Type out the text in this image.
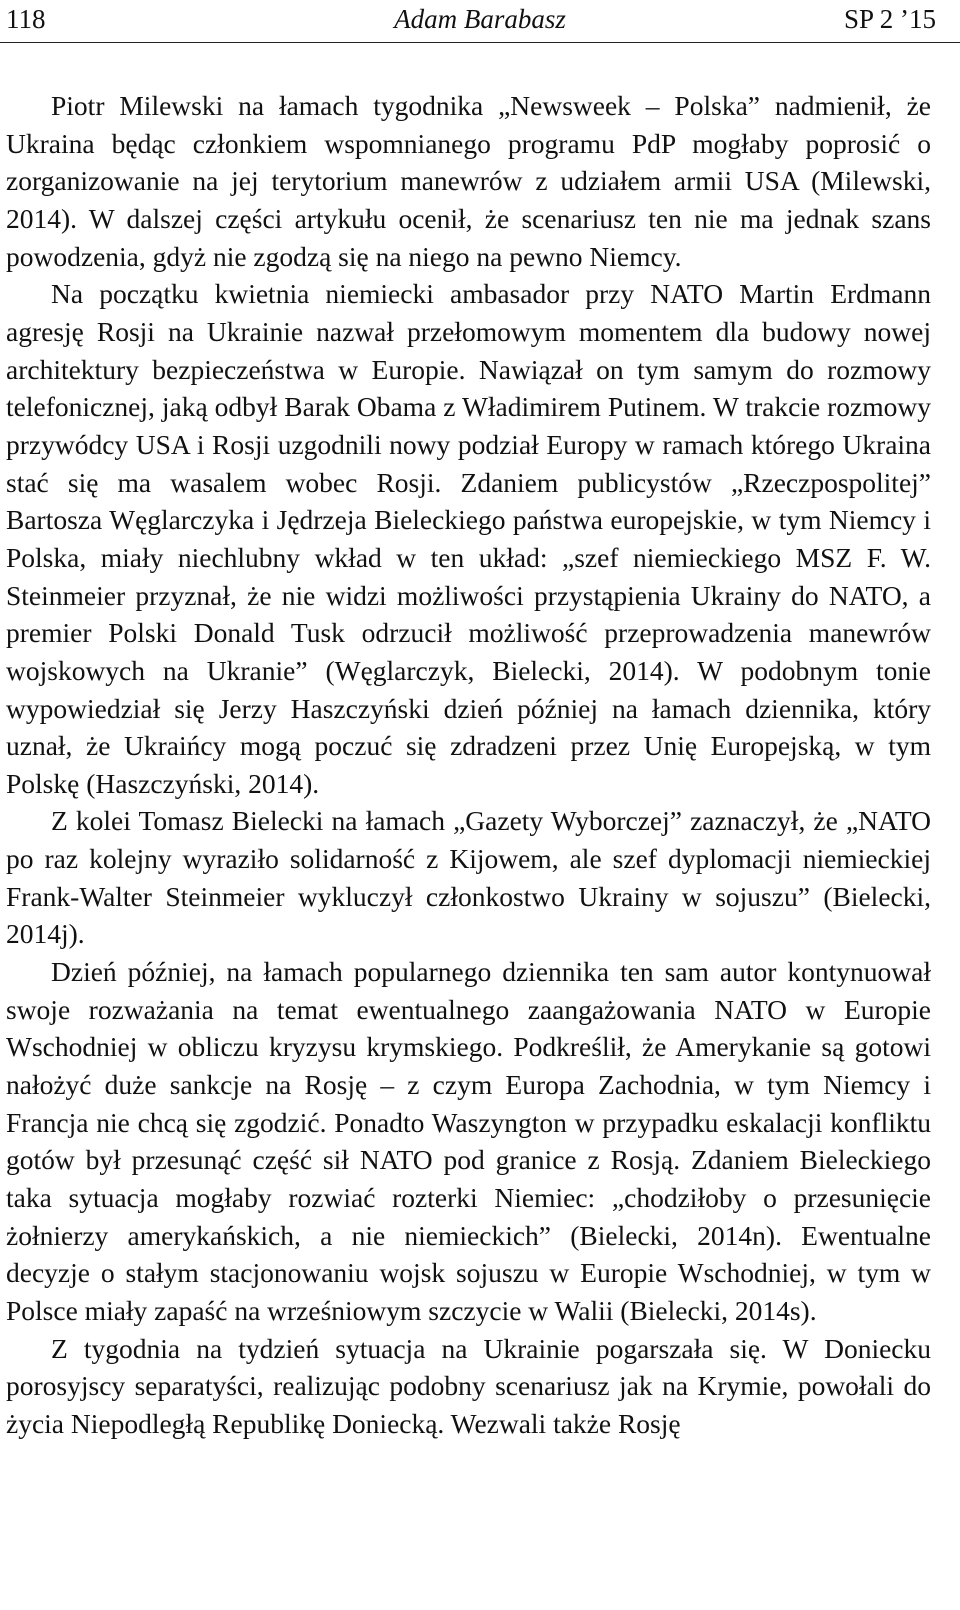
118	Adam Barabasz	SP 2 ’15

Piotr Milewski na łamach tygodnika „Newsweek – Polska” nadmienił, że Ukraina będąc członkiem wspomnianego programu PdP mogłaby poprosić o zorganizowanie na jej terytorium manewrów z udziałem armii USA (Milewski, 2014). W dalszej części artykułu ocenił, że scenariusz ten nie ma jednak szans powodzenia, gdyż nie zgodzą się na niego na pewno Niemcy.

Na początku kwietnia niemiecki ambasador przy NATO Martin Erdmann agresję Rosji na Ukrainie nazwał przełomowym momentem dla budowy nowej architektury bezpieczeństwa w Europie. Nawiązał on tym samym do rozmowy telefonicznej, jaką odbył Barak Obama z Władimirem Putinem. W trakcie rozmowy przywódcy USA i Rosji uzgodnili nowy podział Europy w ramach którego Ukraina stać się ma wasalem wobec Rosji. Zdaniem publicystów „Rzeczpospolitej” Bartosza Węglarczyka i Jędrzeja Bieleckiego państwa europejskie, w tym Niemcy i Polska, miały niechlubny wkład w ten układ: „szef niemieckiego MSZ F. W. Steinmeier przyznał, że nie widzi możliwości przystąpienia Ukrainy do NATO, a premier Polski Donald Tusk odrzucił możliwość przeprowadzenia manewrów wojskowych na Ukranie” (Węglarczyk, Bielecki, 2014). W podobnym tonie wypowiedział się Jerzy Haszczyński dzień później na łamach dziennika, który uznał, że Ukraińcy mogą poczuć się zdradzeni przez Unię Europejską, w tym Polskę (Haszczyński, 2014).

Z kolei Tomasz Bielecki na łamach „Gazety Wyborczej” zaznaczył, że „NATO po raz kolejny wyraziło solidarność z Kijowem, ale szef dyplomacji niemieckiej Frank-Walter Steinmeier wykluczył członkostwo Ukrainy w sojuszu” (Bielecki, 2014j).

Dzień później, na łamach popularnego dziennika ten sam autor kontynuował swoje rozważania na temat ewentualnego zaangażowania NATO w Europie Wschodniej w obliczu kryzysu krymskiego. Podkreślił, że Amerykanie są gotowi nałożyć duże sankcje na Rosję – z czym Europa Zachodnia, w tym Niemcy i Francja nie chcą się zgodzić. Ponadto Waszyngton w przypadku eskalacji konfliktu gotów był przesunąć część sił NATO pod granice z Rosją. Zdaniem Bieleckiego taka sytuacja mogłaby rozwiać rozterki Niemiec: „chodziłoby o przesunięcie żołnierzy amerykańskich, a nie niemieckich” (Bielecki, 2014n). Ewentualne decyzje o stałym stacjonowaniu wojsk sojuszu w Europie Wschodniej, w tym w Polsce miały zapaść na wrześniowym szczycie w Walii (Bielecki, 2014s).

Z tygodnia na tydzień sytuacja na Ukrainie pogarszała się. W Doniecku porosyjscy separatyści, realizując podobny scenariusz jak na Krymie, powołali do życia Niepodległą Republikę Doniecką. Wezwali także Rosję
